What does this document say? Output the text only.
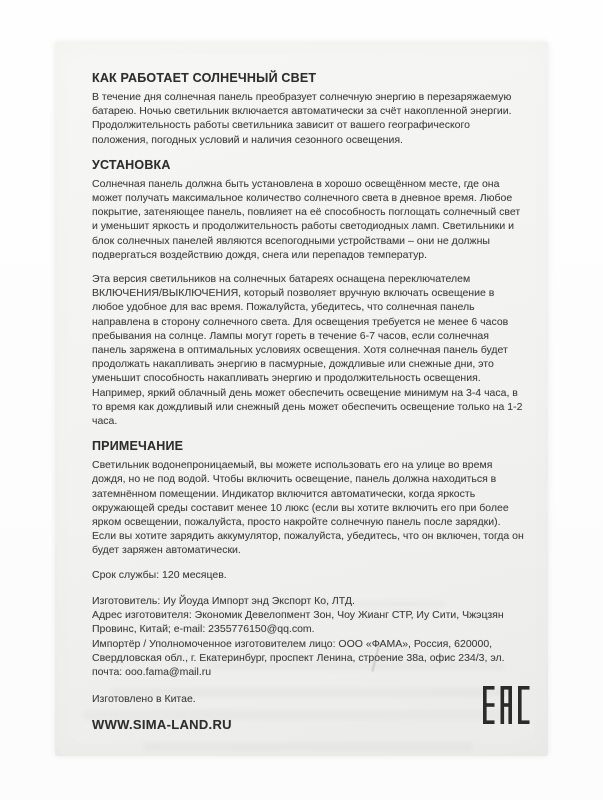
КАК РАБОТАЕТ СОЛНЕЧНЫЙ СВЕТ

В течение дня солнечная панель преобразует солнечную энергию в перезаряжаемую батарею. Ночью светильник включается автоматически за счёт накопленной энергии. Продолжительность работы светильника зависит от вашего географического положения, погодных условий и наличия сезонного освещения.

УСТАНОВКА

Солнечная панель должна быть установлена в хорошо освещённом месте, где она может получать максимальное количество солнечного света в дневное время. Любое покрытие, затеняющее панель, повлияет на её способность поглощать солнечный свет и уменьшит яркость и продолжительность работы светодиодных ламп. Светильники и блок солнечных панелей являются всепогодными устройствами – они не должны подвергаться воздействию дождя, снега или перепадов температур.

Эта версия светильников на солнечных батареях оснащена переключателем ВКЛЮЧЕНИЯ/ВЫКЛЮЧЕНИЯ, который позволяет вручную включать освещение в любое удобное для вас время. Пожалуйста, убедитесь, что солнечная панель направлена в сторону солнечного света. Для освещения требуется не менее 6 часов пребывания на солнце. Лампы могут гореть в течение 6-7 часов, если солнечная панель заряжена в оптимальных условиях освещения. Хотя солнечная панель будет продолжать накапливать энергию в пасмурные, дождливые или снежные дни, это уменьшит способность накапливать энергию и продолжительность освещения. Например, яркий облачный день может обеспечить освещение минимум на 3-4 часа, в то время как дождливый или снежный день может обеспечить освещение только на 1-2 часа.

ПРИМЕЧАНИЕ

Светильник водонепроницаемый, вы можете использовать его на улице во время дождя, но не под водой. Чтобы включить освещение, панель должна находиться в затемнённом помещении. Индикатор включится автоматически, когда яркость окружающей среды составит менее 10 люкс (если вы хотите включить его при более ярком освещении, пожалуйста, просто накройте солнечную панель после зарядки). Если вы хотите зарядить аккумулятор, пожалуйста, убедитесь, что он включен, тогда он будет заряжен автоматически.

Срок службы: 120 месяцев.

Изготовитель: Иу Йоуда Импорт энд Экспорт Ко, ЛТД.

Адрес изготовителя: Экономик Девелопмент Зон, Чоу Жианг СТР, Иу Сити, Чжэцзян Провинс, Китай; e-mail: 2355776150@qq.com.

Импортёр / Уполномоченное изготовителем лицо: ООО «ФАМА», Россия, 620000, Свердловская обл., г. Екатеринбург, проспект Ленина, строение 38а, офис 234/3, эл. почта: ooo.fama@mail.ru

Изготовлено в Китае.

WWW.SIMA-LAND.RU
